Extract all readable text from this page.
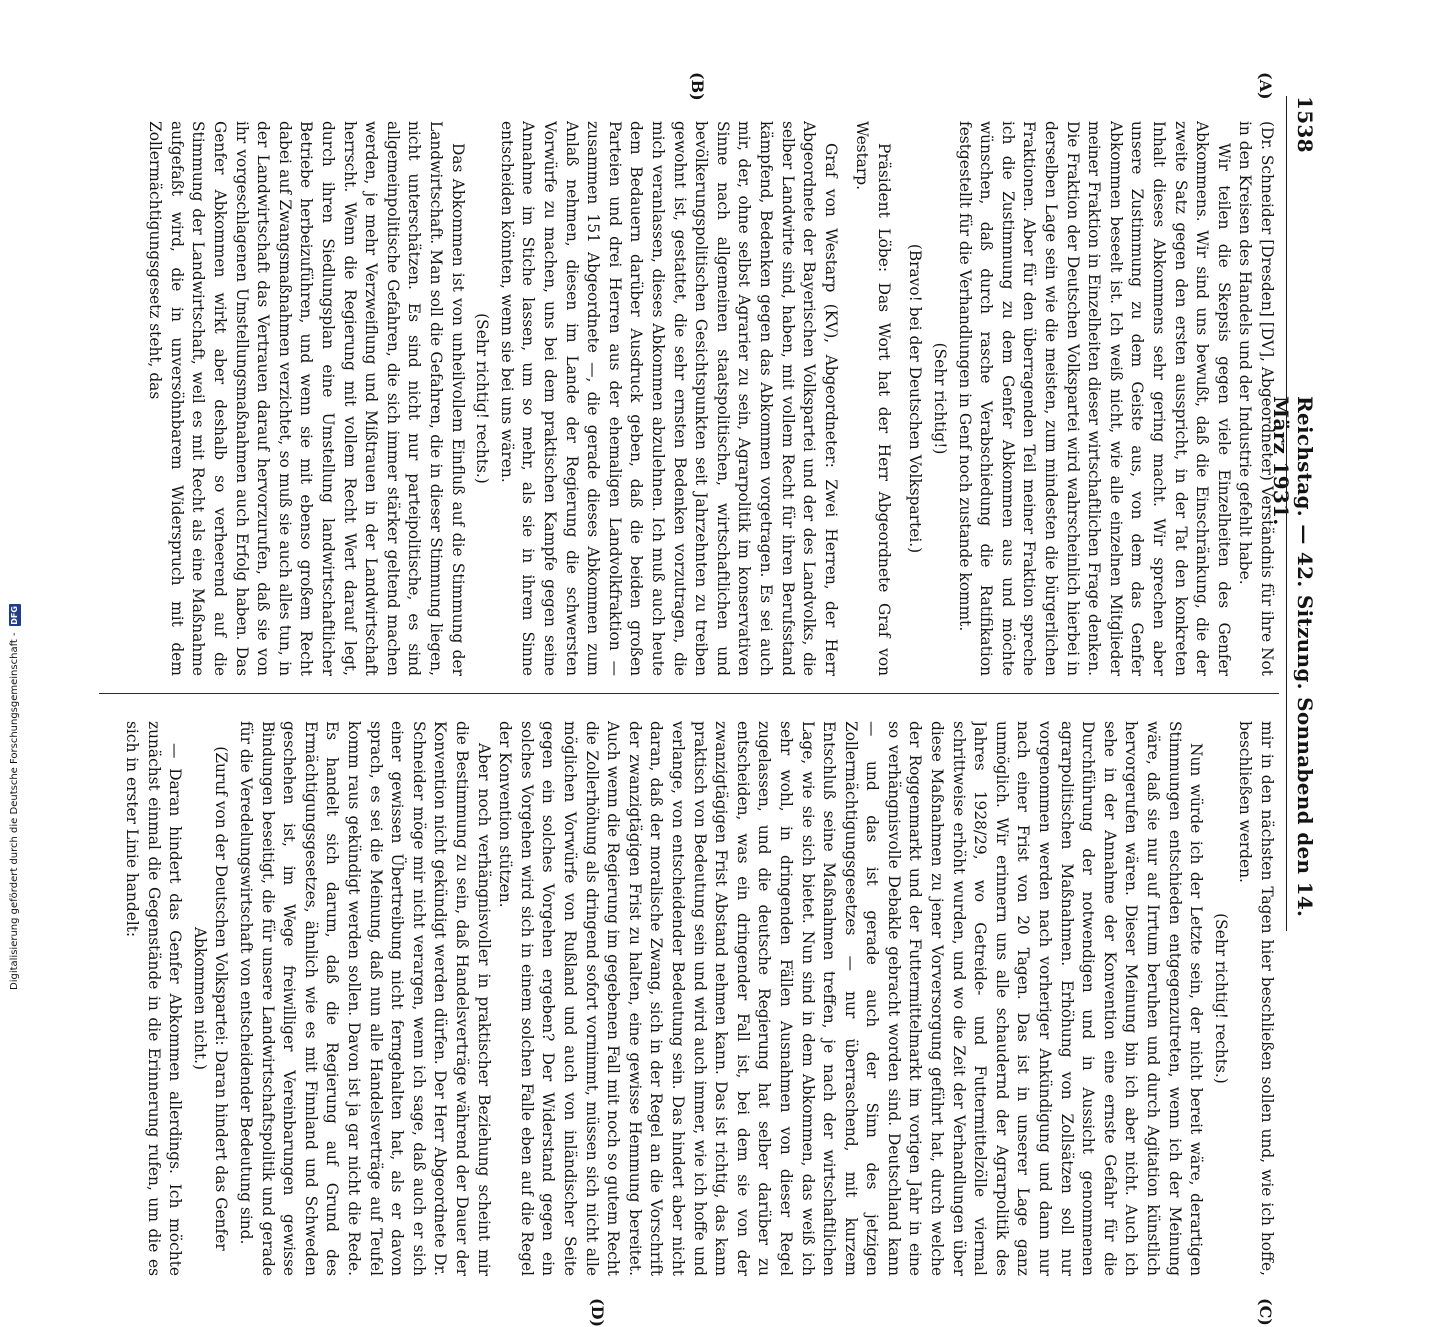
1538
Reichstag. — 42. Sitzung. Sonnabend den 14. März 1931.
(A)
(B)
(C)
(D)

(Dr. Schneider [Dresden] [DV], Abgeordneter) Verständnis für ihre Not in den Kreisen des Handels und der Industrie gefehlt habe.

Wir teilen die Skepsis gegen viele Einzelheiten des Genfer Abkommens. Wir sind uns bewußt, daß die Einschränkung, die der zweite Satz gegen den ersten ausspricht, in der Tat den konkreten Inhalt dieses Abkommens sehr gering macht. Wir sprechen aber unsere Zustimmung zu dem Geiste aus, von dem das Genfer Abkommen beseelt ist. Ich weiß nicht, wie alle einzelnen Mitglieder meiner Fraktion in Einzelheiten dieser wirtschaftlichen Frage denken. Die Fraktion der Deutschen Volkspartei wird wahrscheinlich hierbei in derselben Lage sein wie die meisten, zum mindesten die bürgerlichen Fraktionen. Aber für den überragenden Teil meiner Fraktion spreche ich die Zustimmung zu dem Genfer Abkommen aus und möchte wünschen, daß durch rasche Verabschiedung die Ratifikation festgestellt für die Verhandlungen in Genf noch zustande kommt.

(Sehr richtig!)

(Bravo! bei der Deutschen Volkspartei.)

Präsident Löbe: Das Wort hat der Herr Abgeordnete Graf von Westarp.

Graf von Westarp (KV), Abgeordneter: Zwei Herren, der Herr Abgeordnete der Bayerischen Volkspartei und der des Landvolks, die selber Landwirte sind, haben, mit vollem Recht für ihren Berufsstand kämpfend, Bedenken gegen das Abkommen vorgetragen. Es sei auch mir, der, ohne selbst Agrarier zu sein, Agrarpolitik im konservativen Sinne nach allgemeinen staatspolitischen, wirtschaftlichen und bevölkerungspolitischen Gesichtspunkten seit Jahrzehnten zu treiben gewohnt ist, gestattet, die sehr ernsten Bedenken vorzutragen, die mich veranlassen, dieses Abkommen abzulehnen. Ich muß auch heute dem Bedauern darüber Ausdruck geben, daß die beiden großen Parteien und drei Herren aus der ehemaligen Landvolkfraktion — zusammen 151 Abgeordnete —, die gerade dieses Abkommen zum Anlaß nehmen, diesen im Lande der Regierung die schwersten Vorwürfe zu machen, uns bei dem praktischen Kampfe gegen seine Annahme im Stiche lassen, um so mehr, als sie in ihrem Sinne entscheiden könnten, wenn sie bei uns wären.

(Sehr richtig! rechts.)

Das Abkommen ist von unheilvollem Einfluß auf die Stimmung der Landwirtschaft. Man soll die Gefahren, die in dieser Stimmung liegen, nicht unterschätzen. Es sind nicht nur parteipolitische, es sind allgemeinpolitische Gefahren, die sich immer stärker geltend machen werden, je mehr Verzweiflung und Mißtrauen in der Landwirtschaft herrscht. Wenn die Regierung mit vollem Recht Wert darauf legt, durch ihren Siedlungsplan eine Umstellung landwirtschaftlicher Betriebe herbeizuführen, und wenn sie mit ebenso großem Recht dabei auf Zwangsmaßnahmen verzichtet, so muß sie auch alles tun, in der Landwirtschaft das Vertrauen darauf hervorzurufen, daß sie von ihr vorgeschlagenen Umstellungsmaßnahmen auch Erfolg haben. Das Genfer Abkommen wirkt aber deshalb so verheerend auf die Stimmung der Landwirtschaft, weil es mit Recht als eine Maßnahme aufgefaßt wird, die in unversöhnbarem Widerspruch mit dem Zollermächtigungsgesetz steht, das

mir in den nächsten Tagen hier beschließen sollen und, wie ich hoffe, beschließen werden.

(Sehr richtig! rechts.)

Nun würde ich der Letzte sein, der nicht bereit wäre, derartigen Stimmungen entschieden entgegenzutreten, wenn ich der Meinung wäre, daß sie nur auf Irrtum beruhen und durch Agitation künstlich hervorgerufen wären. Dieser Meinung bin ich aber nicht. Auch ich sehe in der Annahme der Konvention eine ernste Gefahr für die Durchführung der notwendigen und in Aussicht genommenen agrarpolitischen Maßnahmen. Erhöhung von Zollsätzen soll nur vorgenommen werden nach vorheriger Ankündigung und dann nur nach einer Frist von 20 Tagen. Das ist in unserer Lage ganz unmöglich. Wir erinnern uns alle schaudernd der Agrarpolitik des Jahres 1928/29, wo Getreide- und Futtermittelzölle viermal schrittweise erhöht wurden, und wo die Zeit der Verhandlungen über diese Maßnahmen zu jener Vorversorgung geführt hat, durch welche der Roggenmarkt und der Futtermittelmarkt im vorigen Jahr in eine so verhängnisvolle Debakle gebracht worden sind. Deutschland kann — und das ist gerade auch der Sinn des jetzigen Zollermächtigungsgesetzes — nur überraschend, mit kurzem Entschluß seine Maßnahmen treffen, je nach der wirtschaftlichen Lage, wie sie sich bietet. Nun sind in dem Abkommen, das weiß ich sehr wohl, in dringenden Fällen Ausnahmen von dieser Regel zugelassen, und die deutsche Regierung hat selber darüber zu entscheiden, was ein dringender Fall ist, bei dem sie von der zwanzigtägigen Frist Abstand nehmen kann. Das ist richtig, das kann praktisch von Bedeutung sein und wird auch immer, wie ich hoffe und verlange, von entscheidender Bedeutung sein. Das hindert aber nicht daran, daß der moralische Zwang, sich in der Regel an die Vorschrift der zwanzigtägigen Frist zu halten, eine gewisse Hemmung bereitet. Auch wenn die Regierung im gegebenen Fall mit noch so gutem Recht die Zollerhöhung als dringend sofort vornimmt, müssen sich nicht alle möglichen Vorwürfe von Rußland und auch von inländischer Seite gegen ein solches Vorgehen ergeben? Der Widerstand gegen ein solches Vorgehen wird sich in einem solchen Falle eben auf die Regel der Konvention stützen.

Aber noch verhängnisvoller in praktischer Beziehung scheint mir die Bestimmung zu sein, daß Handelsverträge während der Dauer der Konvention nicht gekündigt werden dürfen. Der Herr Abgeordnete Dr. Schneider möge mir nicht verargen, wenn ich sage, daß auch er sich einer gewissen Übertreibung nicht ferngehalten hat, als er davon sprach, es sei die Meinung, daß nun alle Handelsverträge auf Teufel komm raus gekündigt werden sollen. Davon ist ja gar nicht die Rede. Es handelt sich darum, daß die Regierung auf Grund des Ermächtigungsgesetzes, ähnlich wie es mit Finnland und Schweden geschehen ist, im Wege freiwilliger Vereinbarungen gewisse Bindungen beseitigt, die für unsere Landwirtschaftspolitik und gerade für die Veredelungswirtschaft von entscheidender Bedeutung sind.

(Zuruf von der Deutschen Volkspartei: Daran hindert das Genfer Abkommen nicht.)

— Daran hindert das Genfer Abkommen allerdings. Ich möchte zunächst einmal die Gegenstände in die Erinnerung rufen, um die es sich in erster Linie handelt:

Digitalisierung gefördert durch die Deutsche Forschungsgemeinschaft -
DFG
